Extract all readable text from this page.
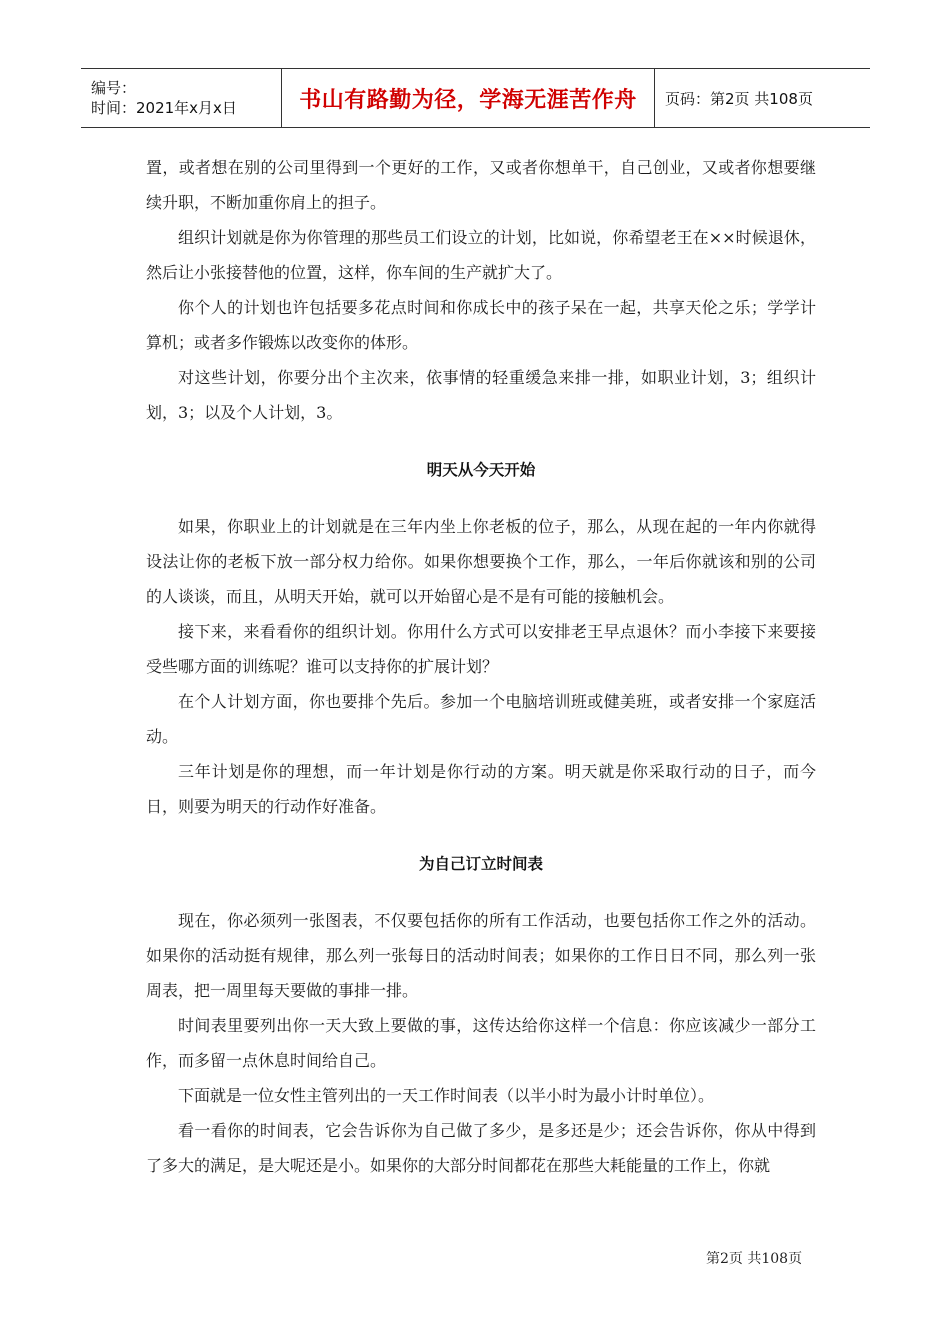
编号：
时间：2021年x月x日	书山有路勤为径，学海无涯苦作舟 页码：第2页 共108页

置，或者想在别的公司里得到一个更好的工作，又或者你想单干，自己创业，又或者你想要继续升职，不断加重你肩上的担子。

组织计划就是你为你管理的那些员工们设立的计划，比如说，你希望老王在××时候退休，然后让小张接替他的位置，这样，你车间的生产就扩大了。

你个人的计划也许包括要多花点时间和你成长中的孩子呆在一起，共享天伦之乐；学学计算机；或者多作锻炼以改变你的体形。

对这些计划，你要分出个主次来，依事情的轻重缓急来排一排，如职业计划，3；组织计划，3；以及个人计划，3。

明天从今天开始

如果，你职业上的计划就是在三年内坐上你老板的位子，那么，从现在起的一年内你就得设法让你的老板下放一部分权力给你。如果你想要换个工作，那么，一年后你就该和别的公司的人谈谈，而且，从明天开始，就可以开始留心是不是有可能的接触机会。

接下来，来看看你的组织计划。你用什么方式可以安排老王早点退休？而小李接下来要接受些哪方面的训练呢？谁可以支持你的扩展计划？

在个人计划方面，你也要排个先后。参加一个电脑培训班或健美班，或者安排一个家庭活动。

三年计划是你的理想，而一年计划是你行动的方案。明天就是你采取行动的日子，而今日，则要为明天的行动作好准备。

为自己订立时间表

现在，你必须列一张图表，不仅要包括你的所有工作活动，也要包括你工作之外的活动。如果你的活动挺有规律，那么列一张每日的活动时间表；如果你的工作日日不同，那么列一张周表，把一周里每天要做的事排一排。

时间表里要列出你一天大致上要做的事，这传达给你这样一个信息：你应该减少一部分工作，而多留一点休息时间给自己。

下面就是一位女性主管列出的一天工作时间表（以半小时为最小计时单位）。

看一看你的时间表，它会告诉你为自己做了多少，是多还是少；还会告诉你，你从中得到了多大的满足，是大呢还是小。如果你的大部分时间都花在那些大耗能量的工作上，你就

第2页 共108页
